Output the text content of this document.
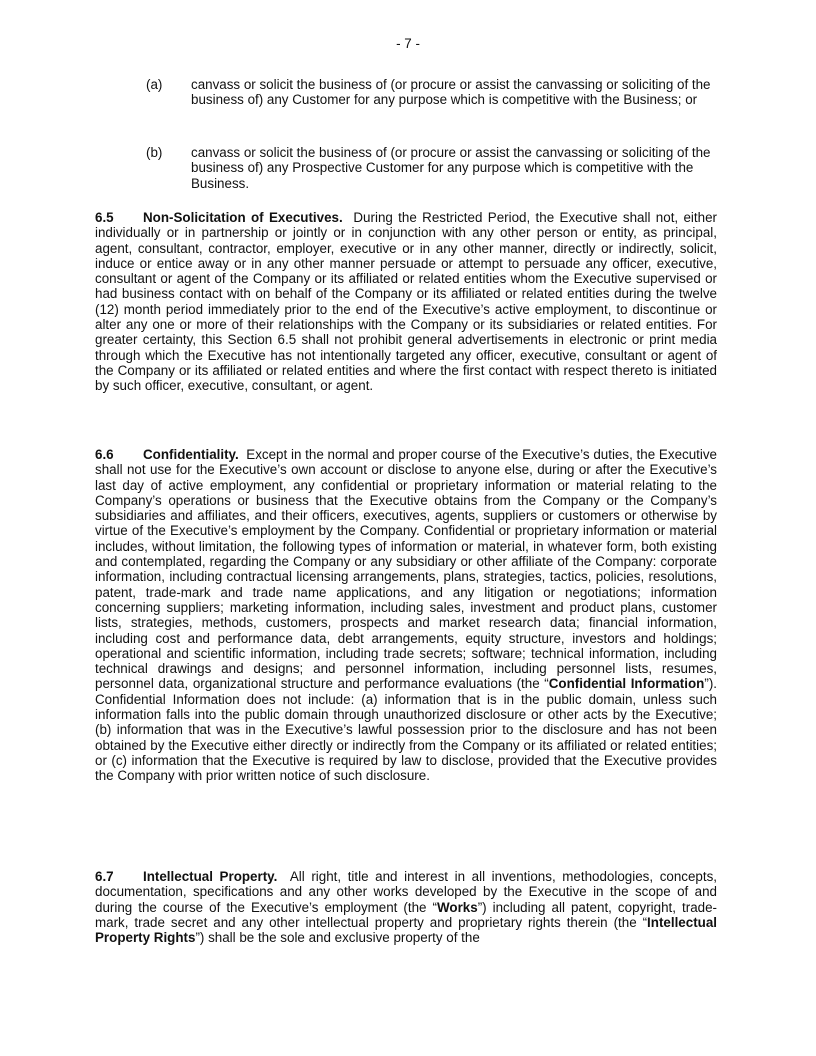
- 7 -
(a) canvass or solicit the business of (or procure or assist the canvassing or soliciting of the business of) any Customer for any purpose which is competitive with the Business; or
(b) canvass or solicit the business of (or procure or assist the canvassing or soliciting of the business of) any Prospective Customer for any purpose which is competitive with the Business.
6.5 Non-Solicitation of Executives. During the Restricted Period, the Executive shall not, either individually or in partnership or jointly or in conjunction with any other person or entity, as principal, agent, consultant, contractor, employer, executive or in any other manner, directly or indirectly, solicit, induce or entice away or in any other manner persuade or attempt to persuade any officer, executive, consultant or agent of the Company or its affiliated or related entities whom the Executive supervised or had business contact with on behalf of the Company or its affiliated or related entities during the twelve (12) month period immediately prior to the end of the Executive’s active employment, to discontinue or alter any one or more of their relationships with the Company or its subsidiaries or related entities. For greater certainty, this Section 6.5 shall not prohibit general advertisements in electronic or print media through which the Executive has not intentionally targeted any officer, executive, consultant or agent of the Company or its affiliated or related entities and where the first contact with respect thereto is initiated by such officer, executive, consultant, or agent.
6.6 Confidentiality. Except in the normal and proper course of the Executive’s duties, the Executive shall not use for the Executive’s own account or disclose to anyone else, during or after the Executive’s last day of active employment, any confidential or proprietary information or material relating to the Company’s operations or business that the Executive obtains from the Company or the Company’s subsidiaries and affiliates, and their officers, executives, agents, suppliers or customers or otherwise by virtue of the Executive’s employment by the Company. Confidential or proprietary information or material includes, without limitation, the following types of information or material, in whatever form, both existing and contemplated, regarding the Company or any subsidiary or other affiliate of the Company: corporate information, including contractual licensing arrangements, plans, strategies, tactics, policies, resolutions, patent, trade-mark and trade name applications, and any litigation or negotiations; information concerning suppliers; marketing information, including sales, investment and product plans, customer lists, strategies, methods, customers, prospects and market research data; financial information, including cost and performance data, debt arrangements, equity structure, investors and holdings; operational and scientific information, including trade secrets; software; technical information, including technical drawings and designs; and personnel information, including personnel lists, resumes, personnel data, organizational structure and performance evaluations (the “Confidential Information”). Confidential Information does not include: (a) information that is in the public domain, unless such information falls into the public domain through unauthorized disclosure or other acts by the Executive; (b) information that was in the Executive’s lawful possession prior to the disclosure and has not been obtained by the Executive either directly or indirectly from the Company or its affiliated or related entities; or (c) information that the Executive is required by law to disclose, provided that the Executive provides the Company with prior written notice of such disclosure.
6.7 Intellectual Property. All right, title and interest in all inventions, methodologies, concepts, documentation, specifications and any other works developed by the Executive in the scope of and during the course of the Executive’s employment (the “Works”) including all patent, copyright, trade-mark, trade secret and any other intellectual property and proprietary rights therein (the “Intellectual Property Rights”) shall be the sole and exclusive property of the
